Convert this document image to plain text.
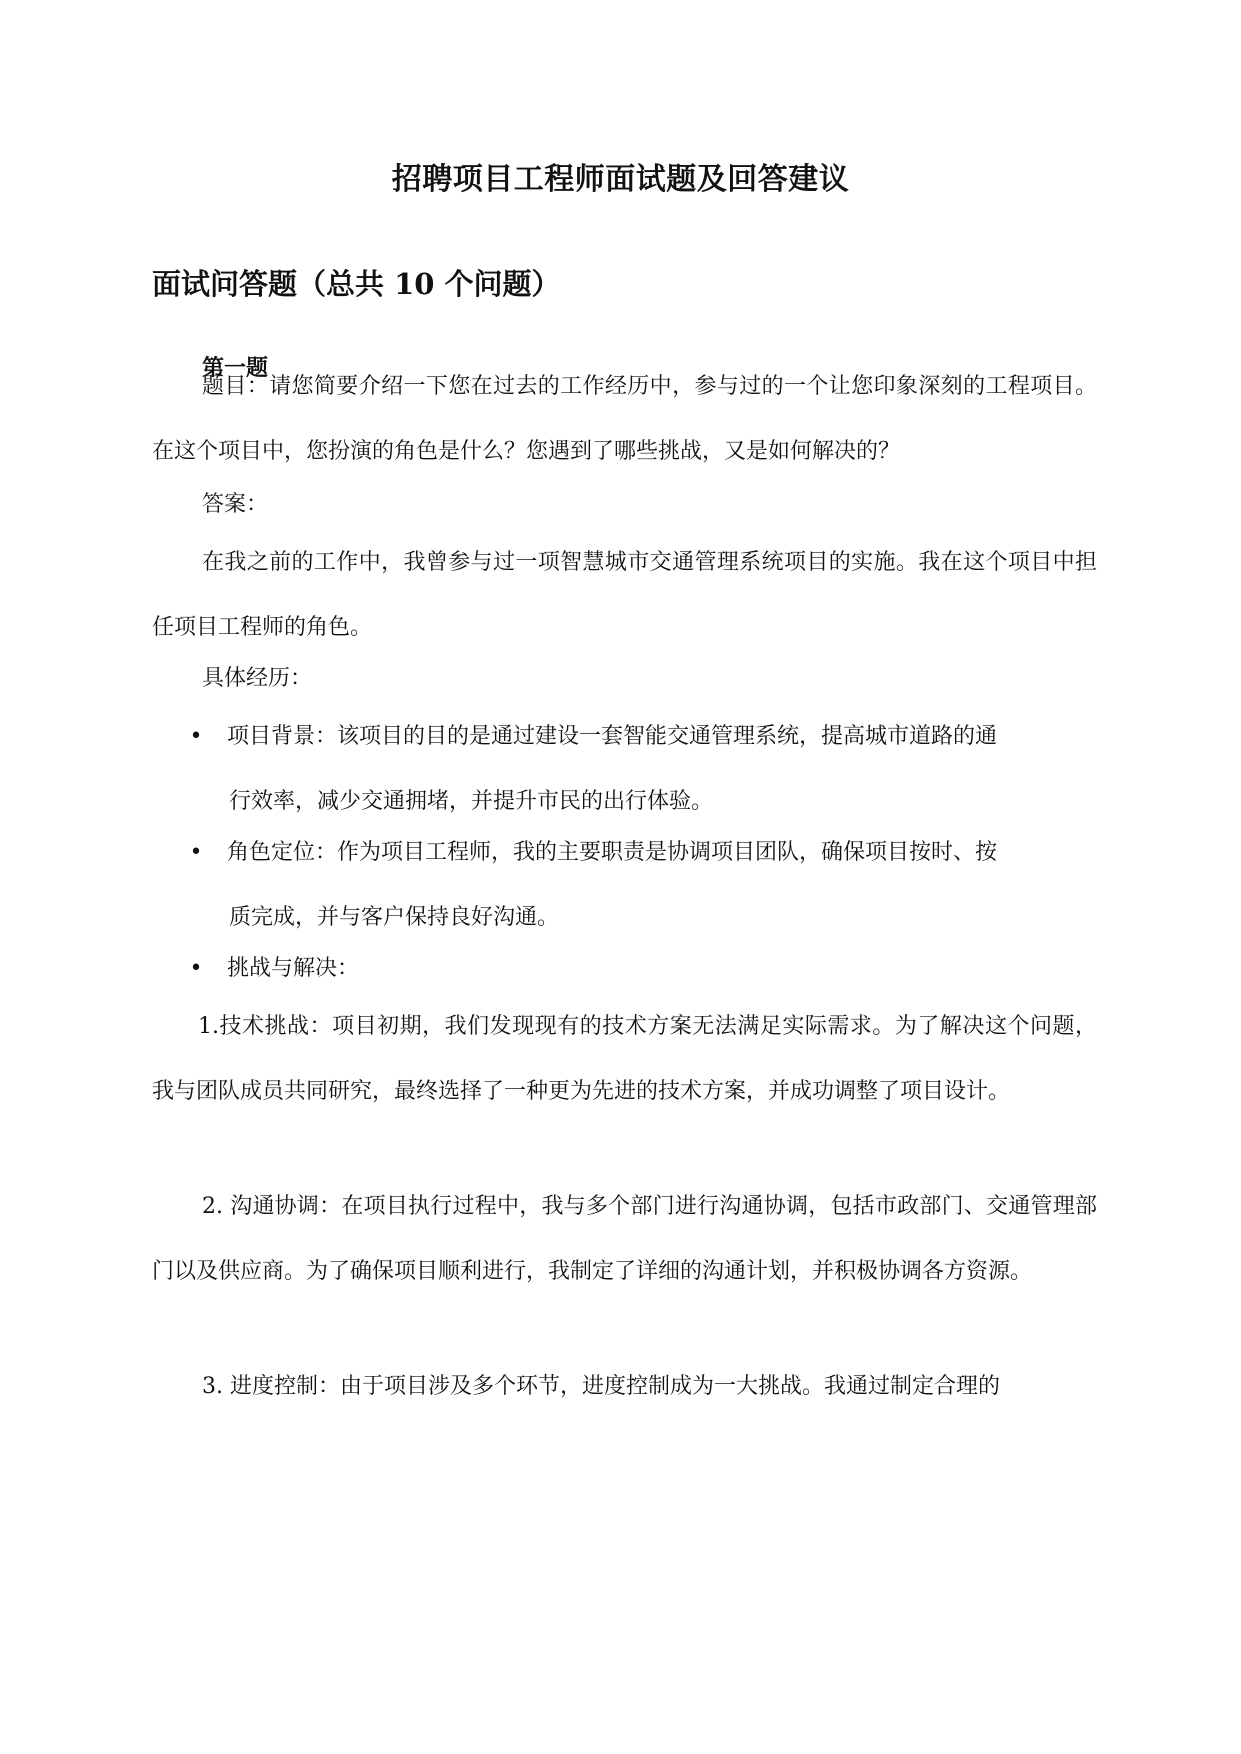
招聘项目工程师面试题及回答建议
面试问答题（总共 10 个问题）
第一题

题目：请您简要介绍一下您在过去的工作经历中，参与过的一个让您印象深刻的工程项目。在这个项目中，您扮演的角色是什么？您遇到了哪些挑战，又是如何解决的？

答案：

在我之前的工作中，我曾参与过一项智慧城市交通管理系统项目的实施。我在这个项目中担任项目工程师的角色。

具体经历：

• 项目背景：该项目的目的是通过建设一套智能交通管理系统，提高城市道路的通
行效率，减少交通拥堵，并提升市民的出行体验。
• 角色定位：作为项目工程师，我的主要职责是协调项目团队，确保项目按时、按
质完成，并与客户保持良好沟通。
• 挑战与解决：

1.技术挑战：项目初期，我们发现现有的技术方案无法满足实际需求。为了解决这个问题，我与团队成员共同研究，最终选择了一种更为先进的技术方案，并成功调整了项目设计。

2. 沟通协调：在项目执行过程中，我与多个部门进行沟通协调，包括市政部门、交通管理部门以及供应商。为了确保项目顺利进行，我制定了详细的沟通计划，并积极协调各方资源。

3. 进度控制：由于项目涉及多个环节，进度控制成为一大挑战。我通过制定合理的
